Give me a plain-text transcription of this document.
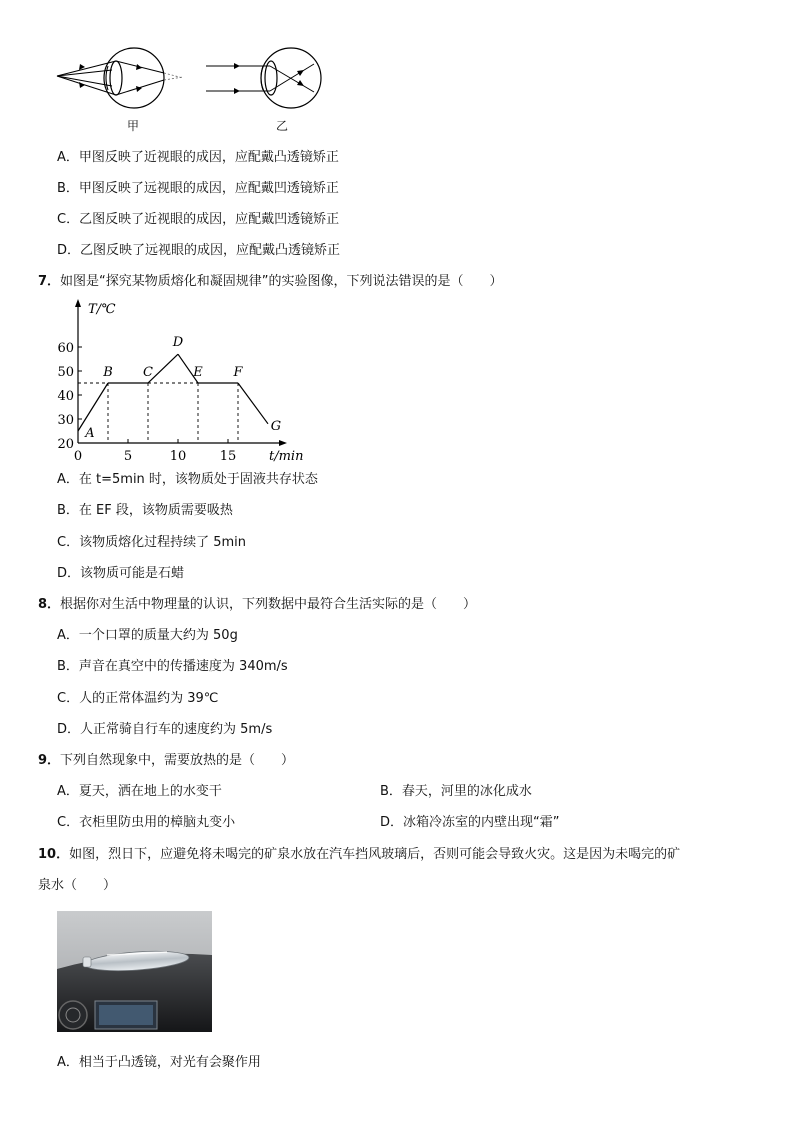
甲	乙
A．甲图反映了近视眼的成因，应配戴凸透镜矫正
B．甲图反映了远视眼的成因，应配戴凹透镜矫正
C．乙图反映了近视眼的成因，应配戴凹透镜矫正
D．乙图反映了远视眼的成因，应配戴凸透镜矫正
7．如图是“探究某物质熔化和凝固规律”的实验图像，下列说法错误的是（　　）
T/℃
t/min
0	5	10	15
20
30
40
50
60
A
B C
D
E F
G
A．在 t=5min 时，该物质处于固液共存状态
B．在 EF 段，该物质需要吸热
C．该物质熔化过程持续了 5min
D．该物质可能是石蜡
8．根据你对生活中物理量的认识，下列数据中最符合生活实际的是（　　）
A．一个口罩的质量大约为 50g
B．声音在真空中的传播速度为 340m/s
C．人的正常体温约为 39℃
D．人正常骑自行车的速度约为 5m/s
9．下列自然现象中，需要放热的是（　　）
A．夏天，洒在地上的水变干	B．春天，河里的冰化成水
C．衣柜里防虫用的樟脑丸变小	D．冰箱冷冻室的内壁出现“霜”
10．如图，烈日下，应避免将未喝完的矿泉水放在汽车挡风玻璃后，否则可能会导致火灾。这是因为未喝完的矿
泉水（　　）
A．相当于凸透镜，对光有会聚作用
